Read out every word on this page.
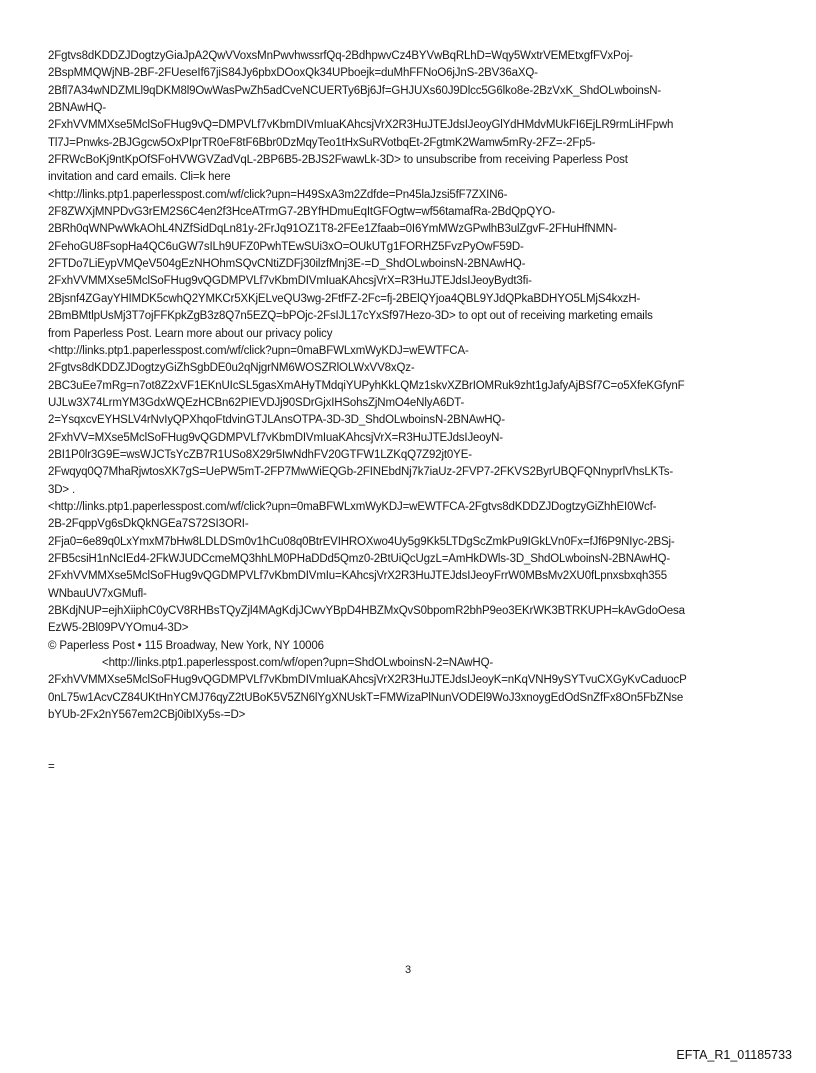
2Fgtvs8dKDDZJDogtzyGiaJpA2QwVVoxsMnPwvhwssrfQq-2BdhpwvCz4BYVwBqRLhD=Wqy5WxtrVEMEtxgfFVxPoj-
2BspMMQWjNB-2BF-2FUeseIf67jiS84Jy6pbxDOoxQk34UPboejk=duMhFFNoO6jJnS-2BV36aXQ-
2Bfl7A34wNDZMLl9qDKM8l9OwWasPwZh5adCveNCUERTy6Bj6Jf=GHJUXs60J9Dlcc5G6lko8e-2BzVxK_ShdOLwboinsN-
2BNAwHQ-
2FxhVVMMXse5MclSoFHug9vQ=DMPVLf7vKbmDIVmIuaKAhcsjVrX2R3HuJTEJdsIJeoyGlYdHMdvMUkFI6EjLR9rmLiHFpwh
Tl7J=Pnwks-2BJGgcw5OxPIprTR0eF8tF6Bbr0DzMqyTeo1tHxSuRVotbqEt-2FgtmK2Wamw5mRy-2FZ=-2Fp5-
2FRWcBoKj9ntKpOfSFoHVWGVZadVqL-2BP6B5-2BJS2FwawLk-3D> to unsubscribe from receiving Paperless Post
invitation and card emails. Cli=k here
<http://links.ptp1.paperlesspost.com/wf/click?upn=H49SxA3m2Zdfde=Pn45laJzsi5fF7ZXIN6-
2F8ZWXjMNPDvG3rEM2S6C4en2f3HceATrmG7-2BYfHDmuEqItGFOgtw=wf56tamafRa-2BdQpQYO-
2BRh0qWNPwWkAOhL4NZfSidDqLn81y-2FrJq91OZ1T8-2FEe1Zfaab=0I6YmMWzGPwlhB3ulZgvF-2FHuHfNMN-
2FehoGU8FsopHa4QC6uGW7sILh9UFZ0PwhTEwSUi3xO=OUkUTg1FORHZ5FvzPyOwF59D-
2FTDo7LiEypVMQeV504gEzNHOhmSQvCNtiZDFj30ilzfMnj3E-=D_ShdOLwboinsN-2BNAwHQ-
2FxhVVMMXse5MclSoFHug9vQGDMPVLf7vKbmDIVmIuaKAhcsjVrX=R3HuJTEJdsIJeoyBydt3fi-
2Bjsnf4ZGayYHIMDK5cwhQ2YMKCr5XKjELveQU3wg-2FtfFZ-2Fc=fj-2BElQYjoa4QBL9YJdQPkaBDHYO5LMjS4kxzH-
2BmBMtlpUsMj3T7ojFFKpkZgB3z8Q7n5EZQ=bPOjc-2FsIJL17cYxSf97Hezo-3D> to opt out of receiving marketing emails
from Paperless Post. Learn more about our privacy policy
<http://links.ptp1.paperlesspost.com/wf/click?upn=0maBFWLxmWyKDJ=wEWTFCA-
2Fgtvs8dKDDZJDogtzyGiZhSgbDE0u2qNjgrNM6WOSZRlOLWxVV8xQz-
2BC3uEe7mRg=n7ot8Z2xVF1EKnUIcSL5gasXmAHyTMdqiYUPyhKkLQMz1skvXZBrIOMRuk9zht1gJafyAjBSf7C=o5XfeKGfynF
UJLw3X74LrmYM3GdxWQEzHCBn62PIEVDJj90SDrGjxIHSohsZjNmO4eNlyA6DT-
2=YsqxcvEYHSLV4rNvIyQPXhqoFtdvinGTJLAnsOTPA-3D-3D_ShdOLwboinsN-2BNAwHQ-
2FxhVV=MXse5MclSoFHug9vQGDMPVLf7vKbmDIVmIuaKAhcsjVrX=R3HuJTEJdsIJeoyN-
2BI1P0lr3G9E=wsWJCTsYcZB7R1USo8X29r5IwNdhFV20GTFW1LZKqQ7Z92jt0YE-
2Fwqyq0Q7MhaRjwtosXK7gS=UePW5mT-2FP7MwWiEQGb-2FINEbdNj7k7iaUz-2FVP7-2FKVS2ByrUBQFQNnyprlVhsLKTs-
3D> .
<http://links.ptp1.paperlesspost.com/wf/click?upn=0maBFWLxmWyKDJ=wEWTFCA-2Fgtvs8dKDDZJDogtzyGiZhhEI0Wcf-
2B-2FqppVg6sDkQkNGEa7S72SI3ORI-
2Fja0=6e89q0LxYmxM7bHw8LDLDSm0v1hCu08q0BtrEVIHROXwo4Uy5g9Kk5LTDgScZmkPu9IGkLVn0Fx=fJf6P9NIyc-2BSj-
2FB5csiH1nNcIEd4-2FkWJUDCcmeMQ3hhLM0PHaDDd5Qmz0-2BtUiQcUgzL=AmHkDWls-3D_ShdOLwboinsN-2BNAwHQ-
2FxhVVMMXse5MclSoFHug9vQGDMPVLf7vKbmDIVmIu=KAhcsjVrX2R3HuJTEJdsIJeoyFrrW0MBsMv2XU0fLpnxsbxqh355
WNbauUV7xGMufl-
2BKdjNUP=ejhXiiphC0yCV8RHBsTQyZjl4MAgKdjJCwvYBpD4HBZMxQvS0bpomR2bhP9eo3EKrWK3BTRKUPH=kAvGdoOesa
EzW5-2Bl09PVYOmu4-3D>
© Paperless Post • 115 Broadway, New York, NY 10006
<http://links.ptp1.paperlesspost.com/wf/open?upn=ShdOLwboinsN-2=NAwHQ-
2FxhVVMMXse5MclSoFHug9vQGDMPVLf7vKbmDIVmIuaKAhcsjVrX2R3HuJTEJdsIJeoyK=nKqVNH9ySYTvuCXGyKvCaduocP
0nL75w1AcvCZ84UKtHnYCMJ76qyZ2tUBoK5V5ZN6lYgXNUskT=FMWizaPlNunVODEl9WoJ3xnoygEdOdSnZfFx8On5FbZNse
bYUb-2Fx2nY567em2CBj0ibIXy5s-=D>

=
3
EFTA_R1_01185733
